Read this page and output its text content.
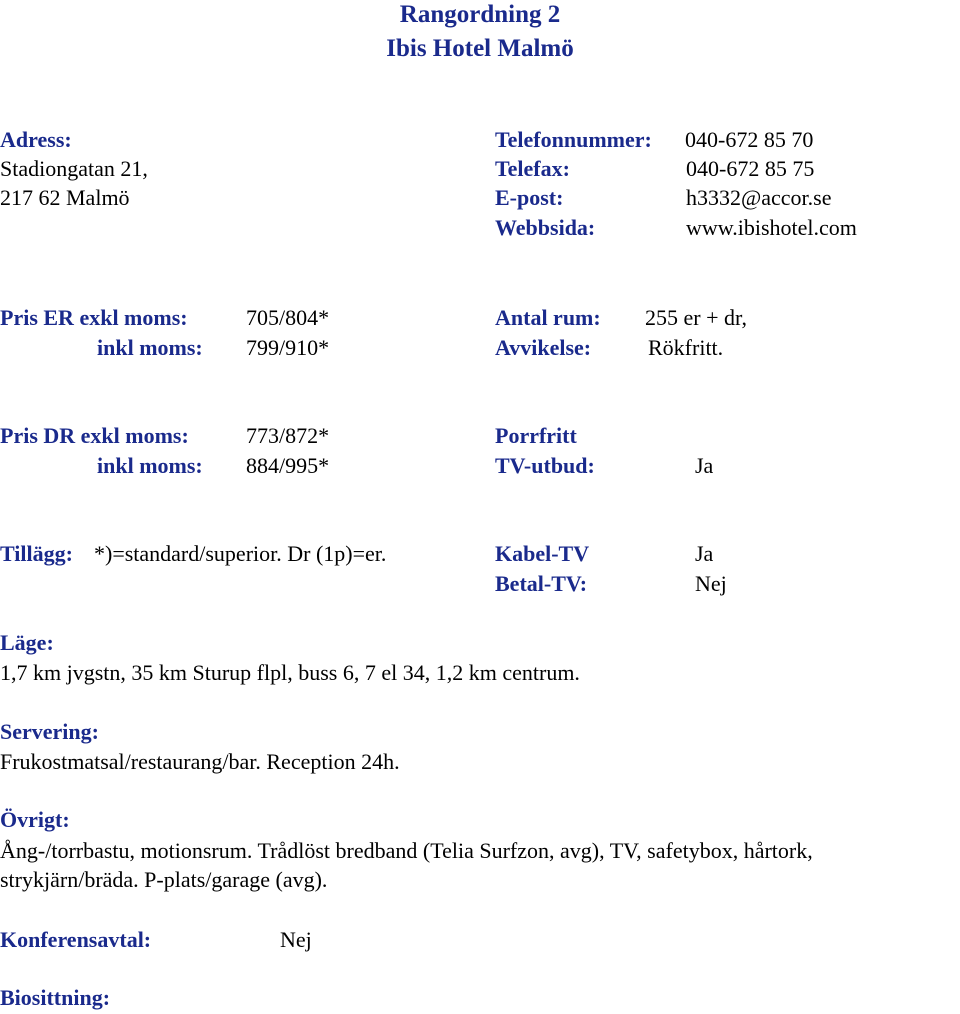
Rangordning 2
Ibis Hotel Malmö
Adress:
Stadiongatan 21,
217 62 Malmö
Telefonnummer: 040-672 85 70
Telefax:	040-672 85 75
E-post:	h3332@accor.se
Webbsida:	www.ibishotel.com
Pris ER exkl moms:	705/804*
inkl moms: 799/910*
Antal rum: 255 er + dr,
Avvikelse:	Rökfritt.
Pris DR exkl moms:	773/872*
inkl moms: 884/995*
Porrfritt
TV-utbud:	Ja
Tillägg: *)=standard/superior. Dr (1p)=er.	Kabel-TV	Ja
Betal-TV:	Nej
Läge:
1,7 km jvgstn, 35 km Sturup flpl, buss 6, 7 el 34, 1,2 km centrum.
Servering:
Frukostmatsal/restaurang/bar. Reception 24h.
Övrigt:
Ång-/torrbastu, motionsrum. Trådlöst bredband (Telia Surfzon, avg), TV, safetybox, hårtork,
strykjärn/bräda. P-plats/garage (avg).
Konferensavtal:	Nej
Biosittning:
